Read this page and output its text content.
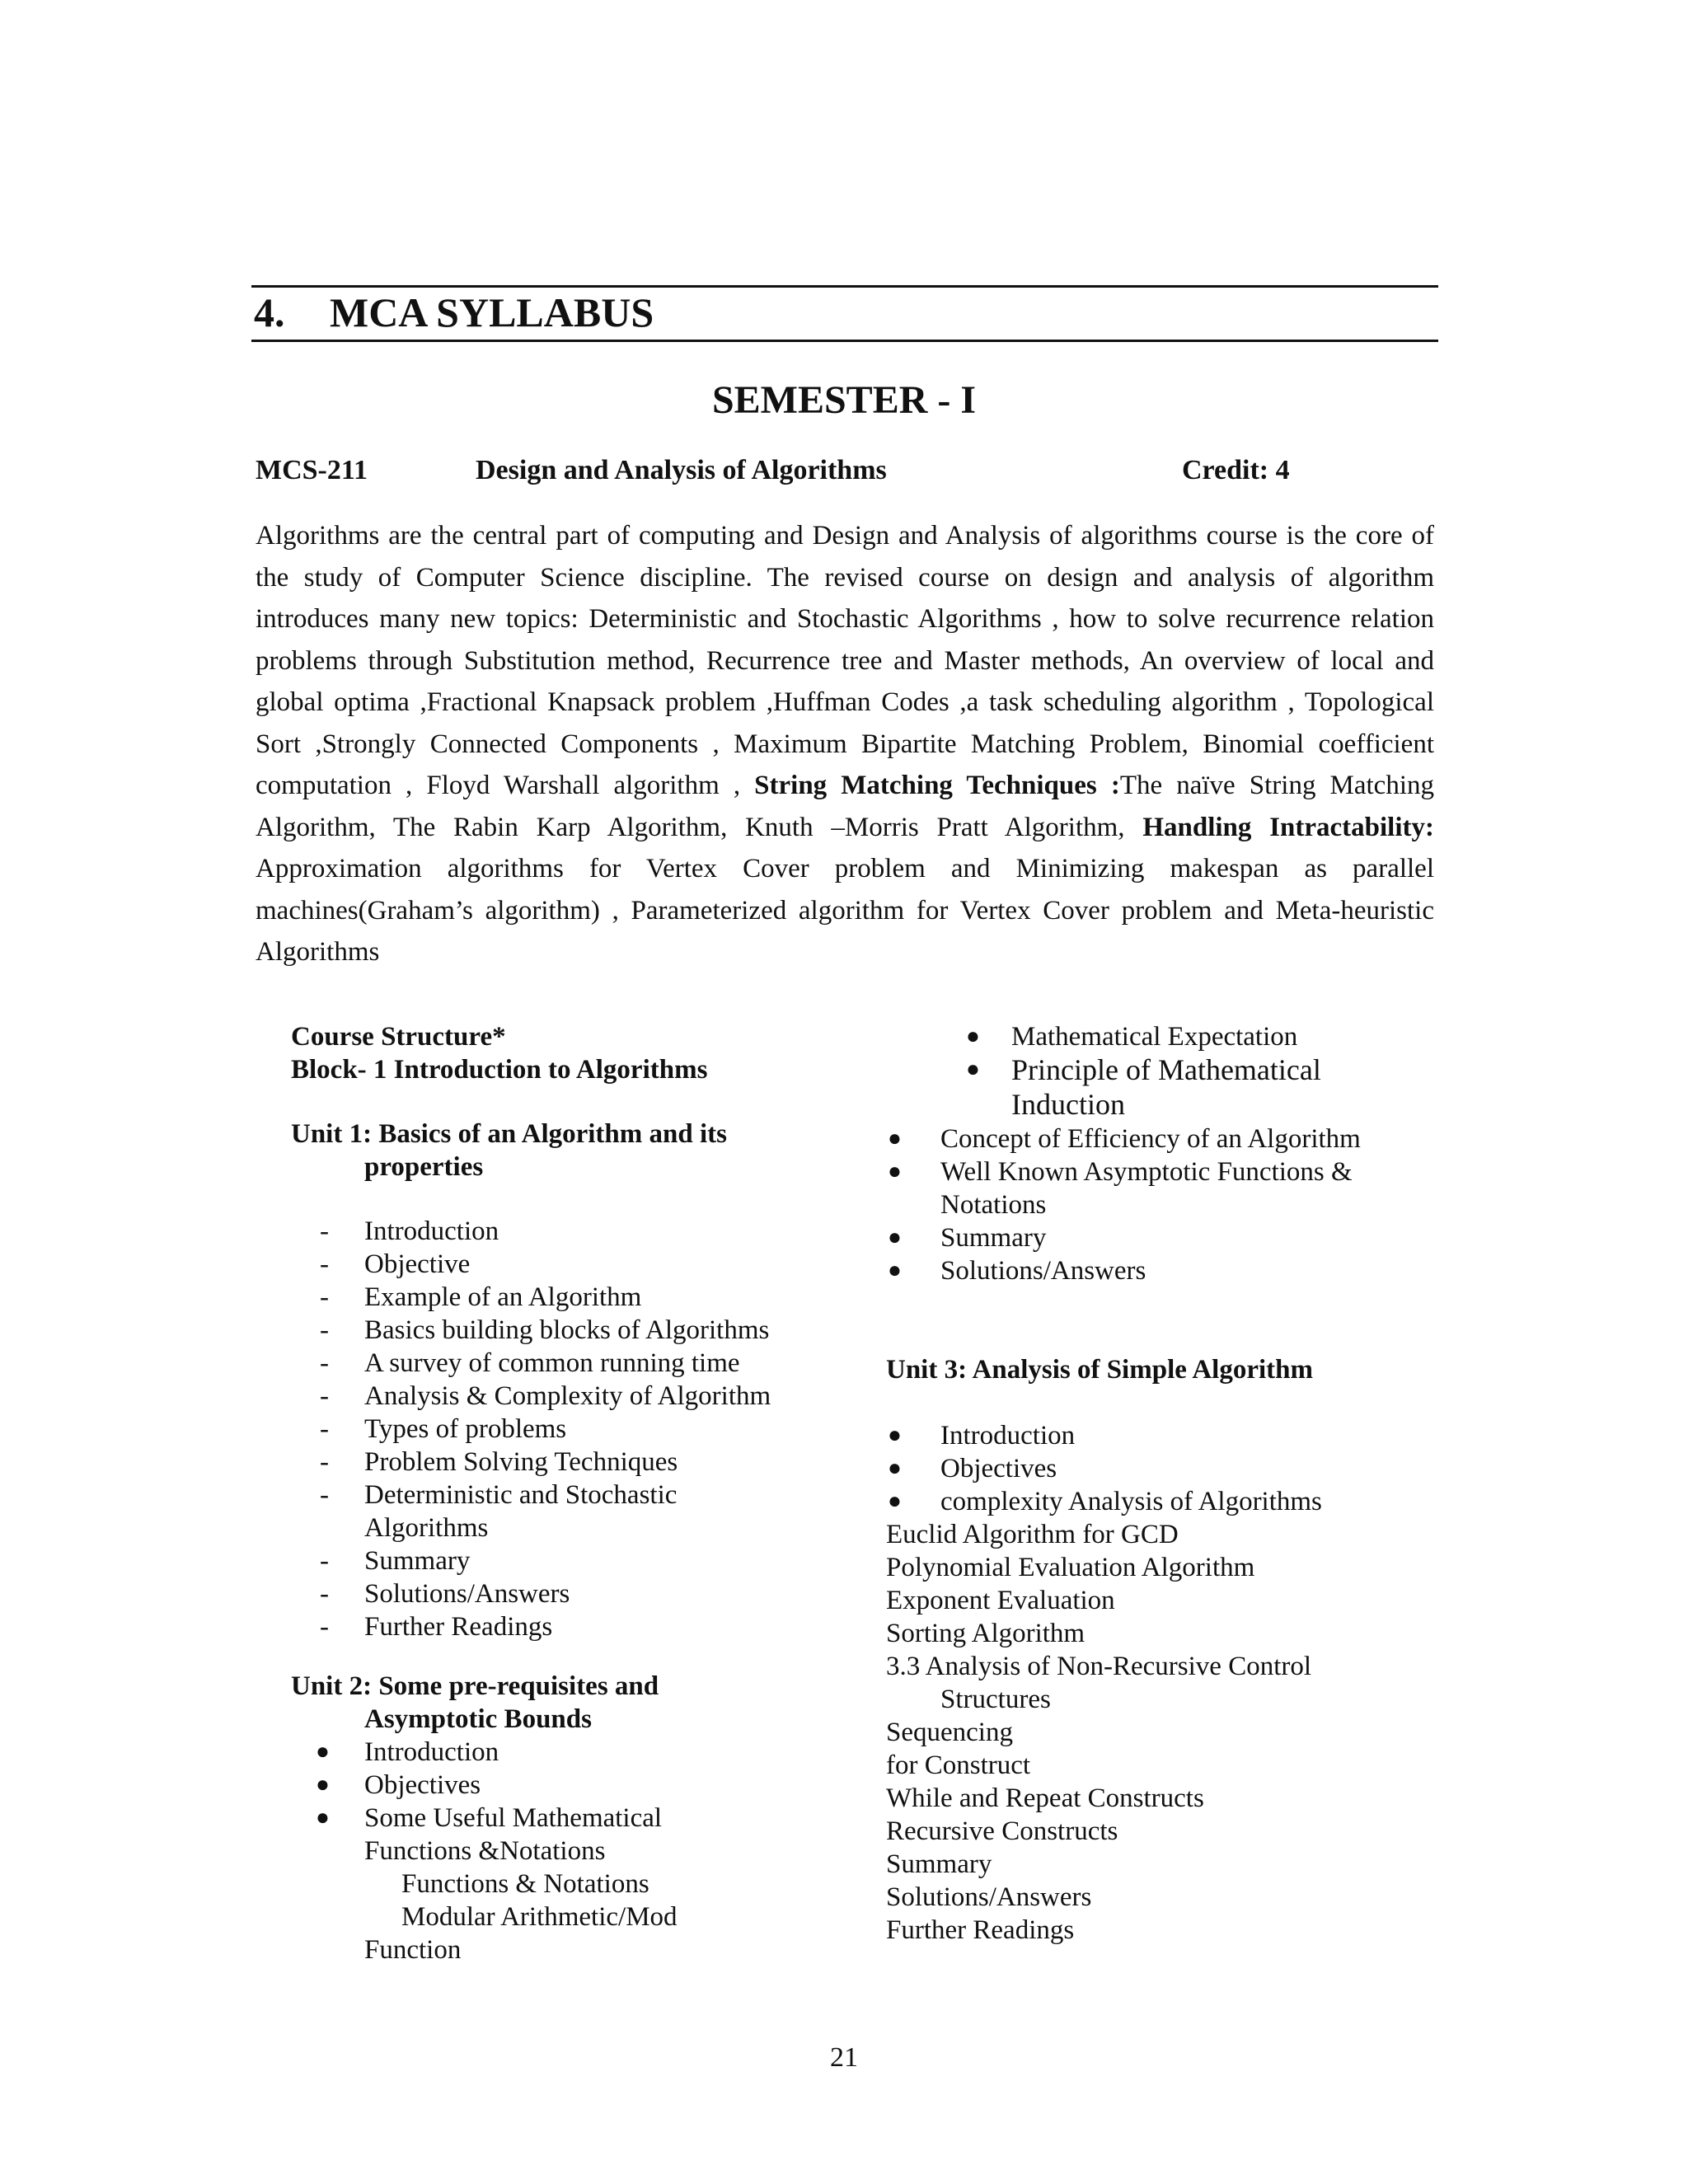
4. MCA SYLLABUS
SEMESTER - I
MCS-211	Design and Analysis of Algorithms	Credit: 4
Algorithms are the central part of computing and Design and Analysis of algorithms course is the core of the study of Computer Science discipline. The revised course on design and analysis of algorithm introduces many new topics: Deterministic and Stochastic Algorithms , how to solve recurrence relation problems through Substitution method, Recurrence tree and Master methods, An overview of local and global optima ,Fractional Knapsack problem ,Huffman Codes ,a task scheduling algorithm , Topological Sort ,Strongly Connected Components , Maximum Bipartite Matching Problem, Binomial coefficient computation , Floyd Warshall algorithm , String Matching Techniques :The naïve String Matching Algorithm, The Rabin Karp Algorithm, Knuth –Morris Pratt Algorithm, Handling Intractability: Approximation algorithms for Vertex Cover problem and Minimizing makespan as parallel machines(Graham’s algorithm) , Parameterized algorithm for Vertex Cover problem and Meta-heuristic Algorithms
Course Structure*
Block- 1 Introduction to Algorithms
Unit 1: Basics of an Algorithm and its
properties
- Introduction
- Objective
- Example of an Algorithm
- Basics building blocks of Algorithms
- A survey of common running time
- Analysis & Complexity of Algorithm
- Types of problems
- Problem Solving Techniques
- Deterministic and Stochastic
Algorithms
- Summary
- Solutions/Answers
- Further Readings
Unit 2: Some pre-requisites and
Asymptotic Bounds
● Introduction
● Objectives
● Some Useful Mathematical
Functions &Notations
Functions & Notations
Modular Arithmetic/Mod
Function
● Mathematical Expectation
● Principle of Mathematical
Induction
● Concept of Efficiency of an Algorithm
● Well Known Asymptotic Functions &
Notations
● Summary
● Solutions/Answers
Unit 3: Analysis of Simple Algorithm
● Introduction
● Objectives
● complexity Analysis of Algorithms
Euclid Algorithm for GCD
Polynomial Evaluation Algorithm
Exponent Evaluation
Sorting Algorithm
3.3 Analysis of Non-Recursive Control
Structures
Sequencing
for Construct
While and Repeat Constructs
Recursive Constructs
Summary
Solutions/Answers
Further Readings
21
